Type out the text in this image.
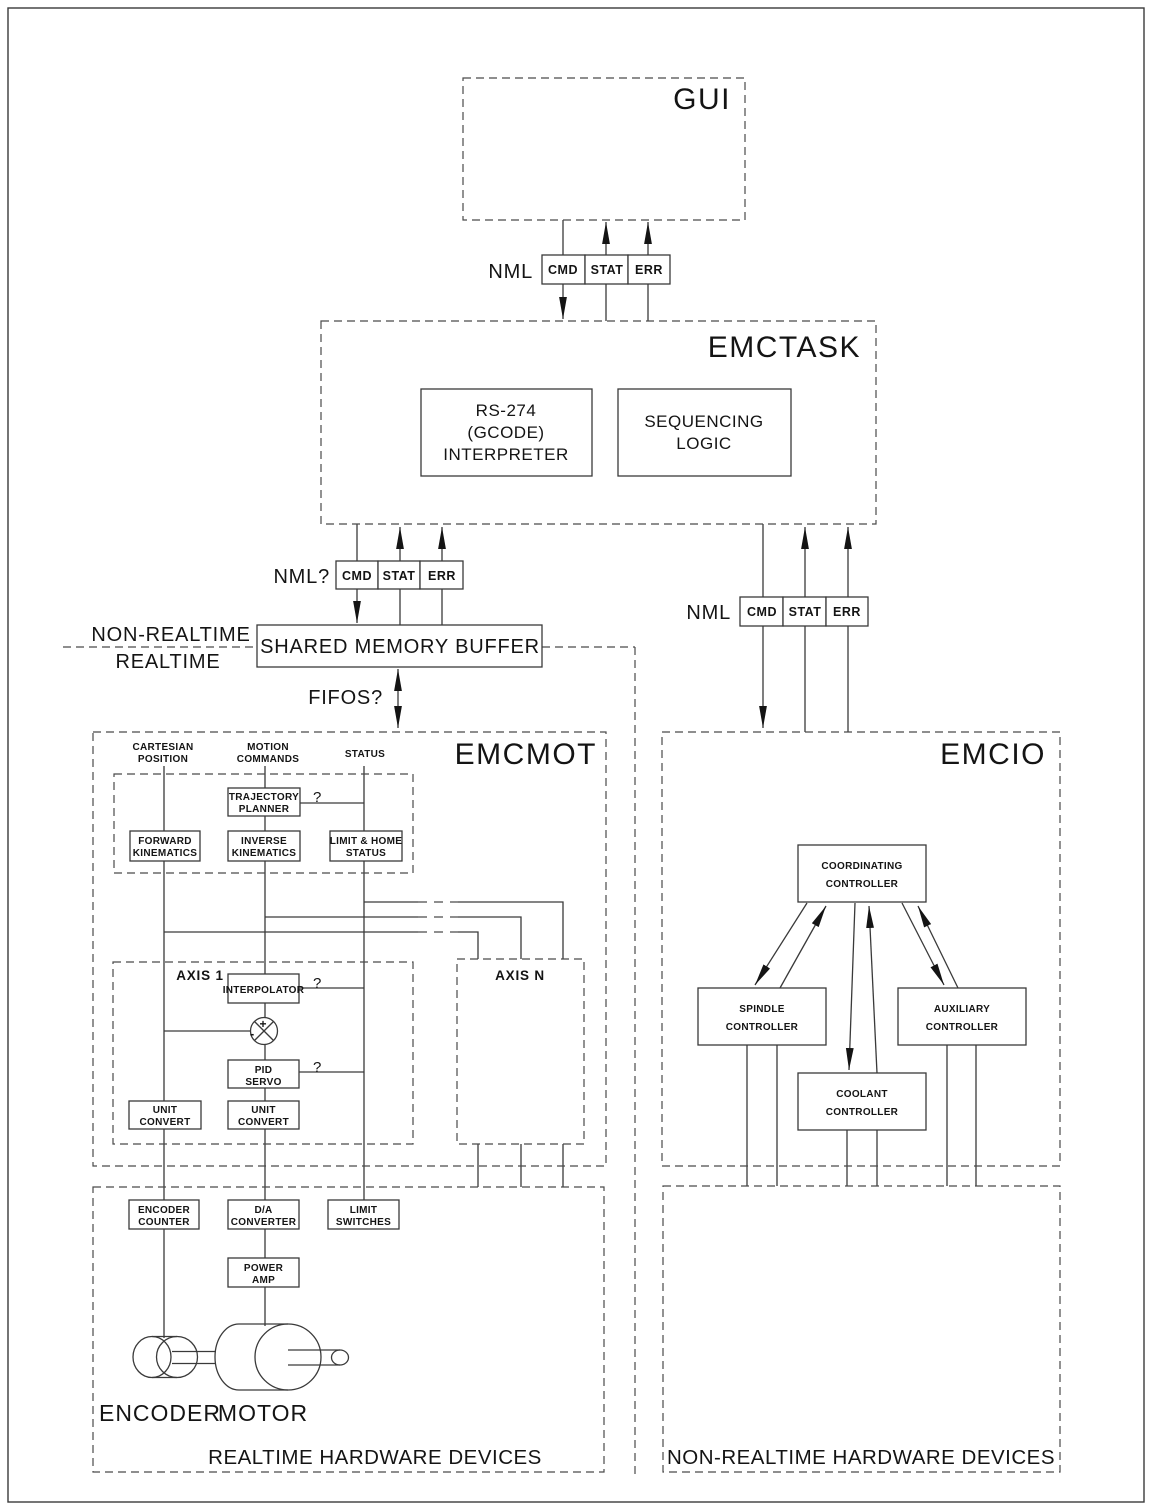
+
-
GUI
EMCTASK
EMCMOT	EMCIO
NML CMD STAT ERR
RS-274
(GCODE)
INTERPRETER
SEQUENCING
LOGIC
NML? CMD STAT ERR
NML CMD STAT ERR
SHARED MEMORY BUFFER
NON-REALTIME
REALTIME
FIFOS?
CARTESIAN
POSITION
MOTION
COMMANDS	STATUS
TRAJECTORY
PLANNER
FORWARD
KINEMATICS
INVERSE
KINEMATICS
LIMIT & HOME
STATUS
AXIS 1	AXIS N
INTERPOLATOR
PID
SERVO
UNIT
CONVERT
UNIT
CONVERT
?
?
?
COORDINATING
CONTROLLER
SPINDLE
CONTROLLER
AUXILIARY
CONTROLLER
COOLANT
CONTROLLER
ENCODER
COUNTER
D/A
CONVERTER
LIMIT
SWITCHES
POWER
AMP
ENCODER
MOTOR
REALTIME HARDWARE DEVICES	NON-REALTIME HARDWARE DEVICES
